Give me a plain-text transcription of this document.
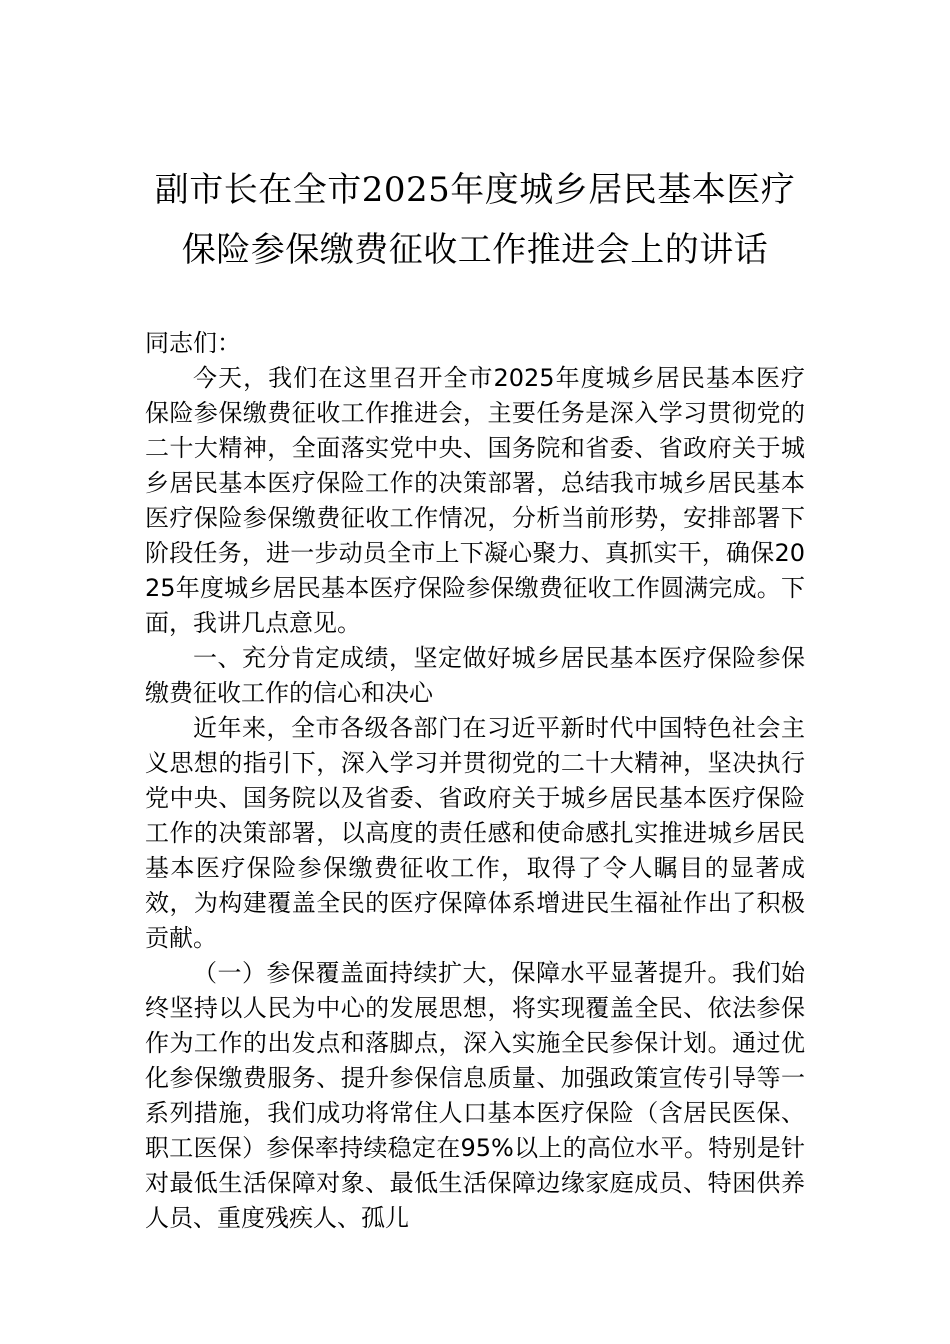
副市长在全市2025年度城乡居民基本医疗
保险参保缴费征收工作推进会上的讲话

同志们：

今天，我们在这里召开全市2025年度城乡居民基本医疗保险参保缴费征收工作推进会，主要任务是深入学习贯彻党的二十大精神，全面落实党中央、国务院和省委、省政府关于城乡居民基本医疗保险工作的决策部署，总结我市城乡居民基本医疗保险参保缴费征收工作情况，分析当前形势，安排部署下阶段任务，进一步动员全市上下凝心聚力、真抓实干，确保2025年度城乡居民基本医疗保险参保缴费征收工作圆满完成。下面，我讲几点意见。

一、充分肯定成绩，坚定做好城乡居民基本医疗保险参保缴费征收工作的信心和决心

近年来，全市各级各部门在习近平新时代中国特色社会主义思想的指引下，深入学习并贯彻党的二十大精神，坚决执行党中央、国务院以及省委、省政府关于城乡居民基本医疗保险工作的决策部署，以高度的责任感和使命感扎实推进城乡居民基本医疗保险参保缴费征收工作，取得了令人瞩目的显著成效，为构建覆盖全民的医疗保障体系增进民生福祉作出了积极贡献。

（一）参保覆盖面持续扩大，保障水平显著提升。我们始终坚持以人民为中心的发展思想，将实现覆盖全民、依法参保作为工作的出发点和落脚点，深入实施全民参保计划。通过优化参保缴费服务、提升参保信息质量、加强政策宣传引导等一系列措施，我们成功将常住人口基本医疗保险（含居民医保、职工医保）参保率持续稳定在95%以上的高位水平。特别是针对最低生活保障对象、最低生活保障边缘家庭成员、特困供养人员、重度残疾人、孤儿
